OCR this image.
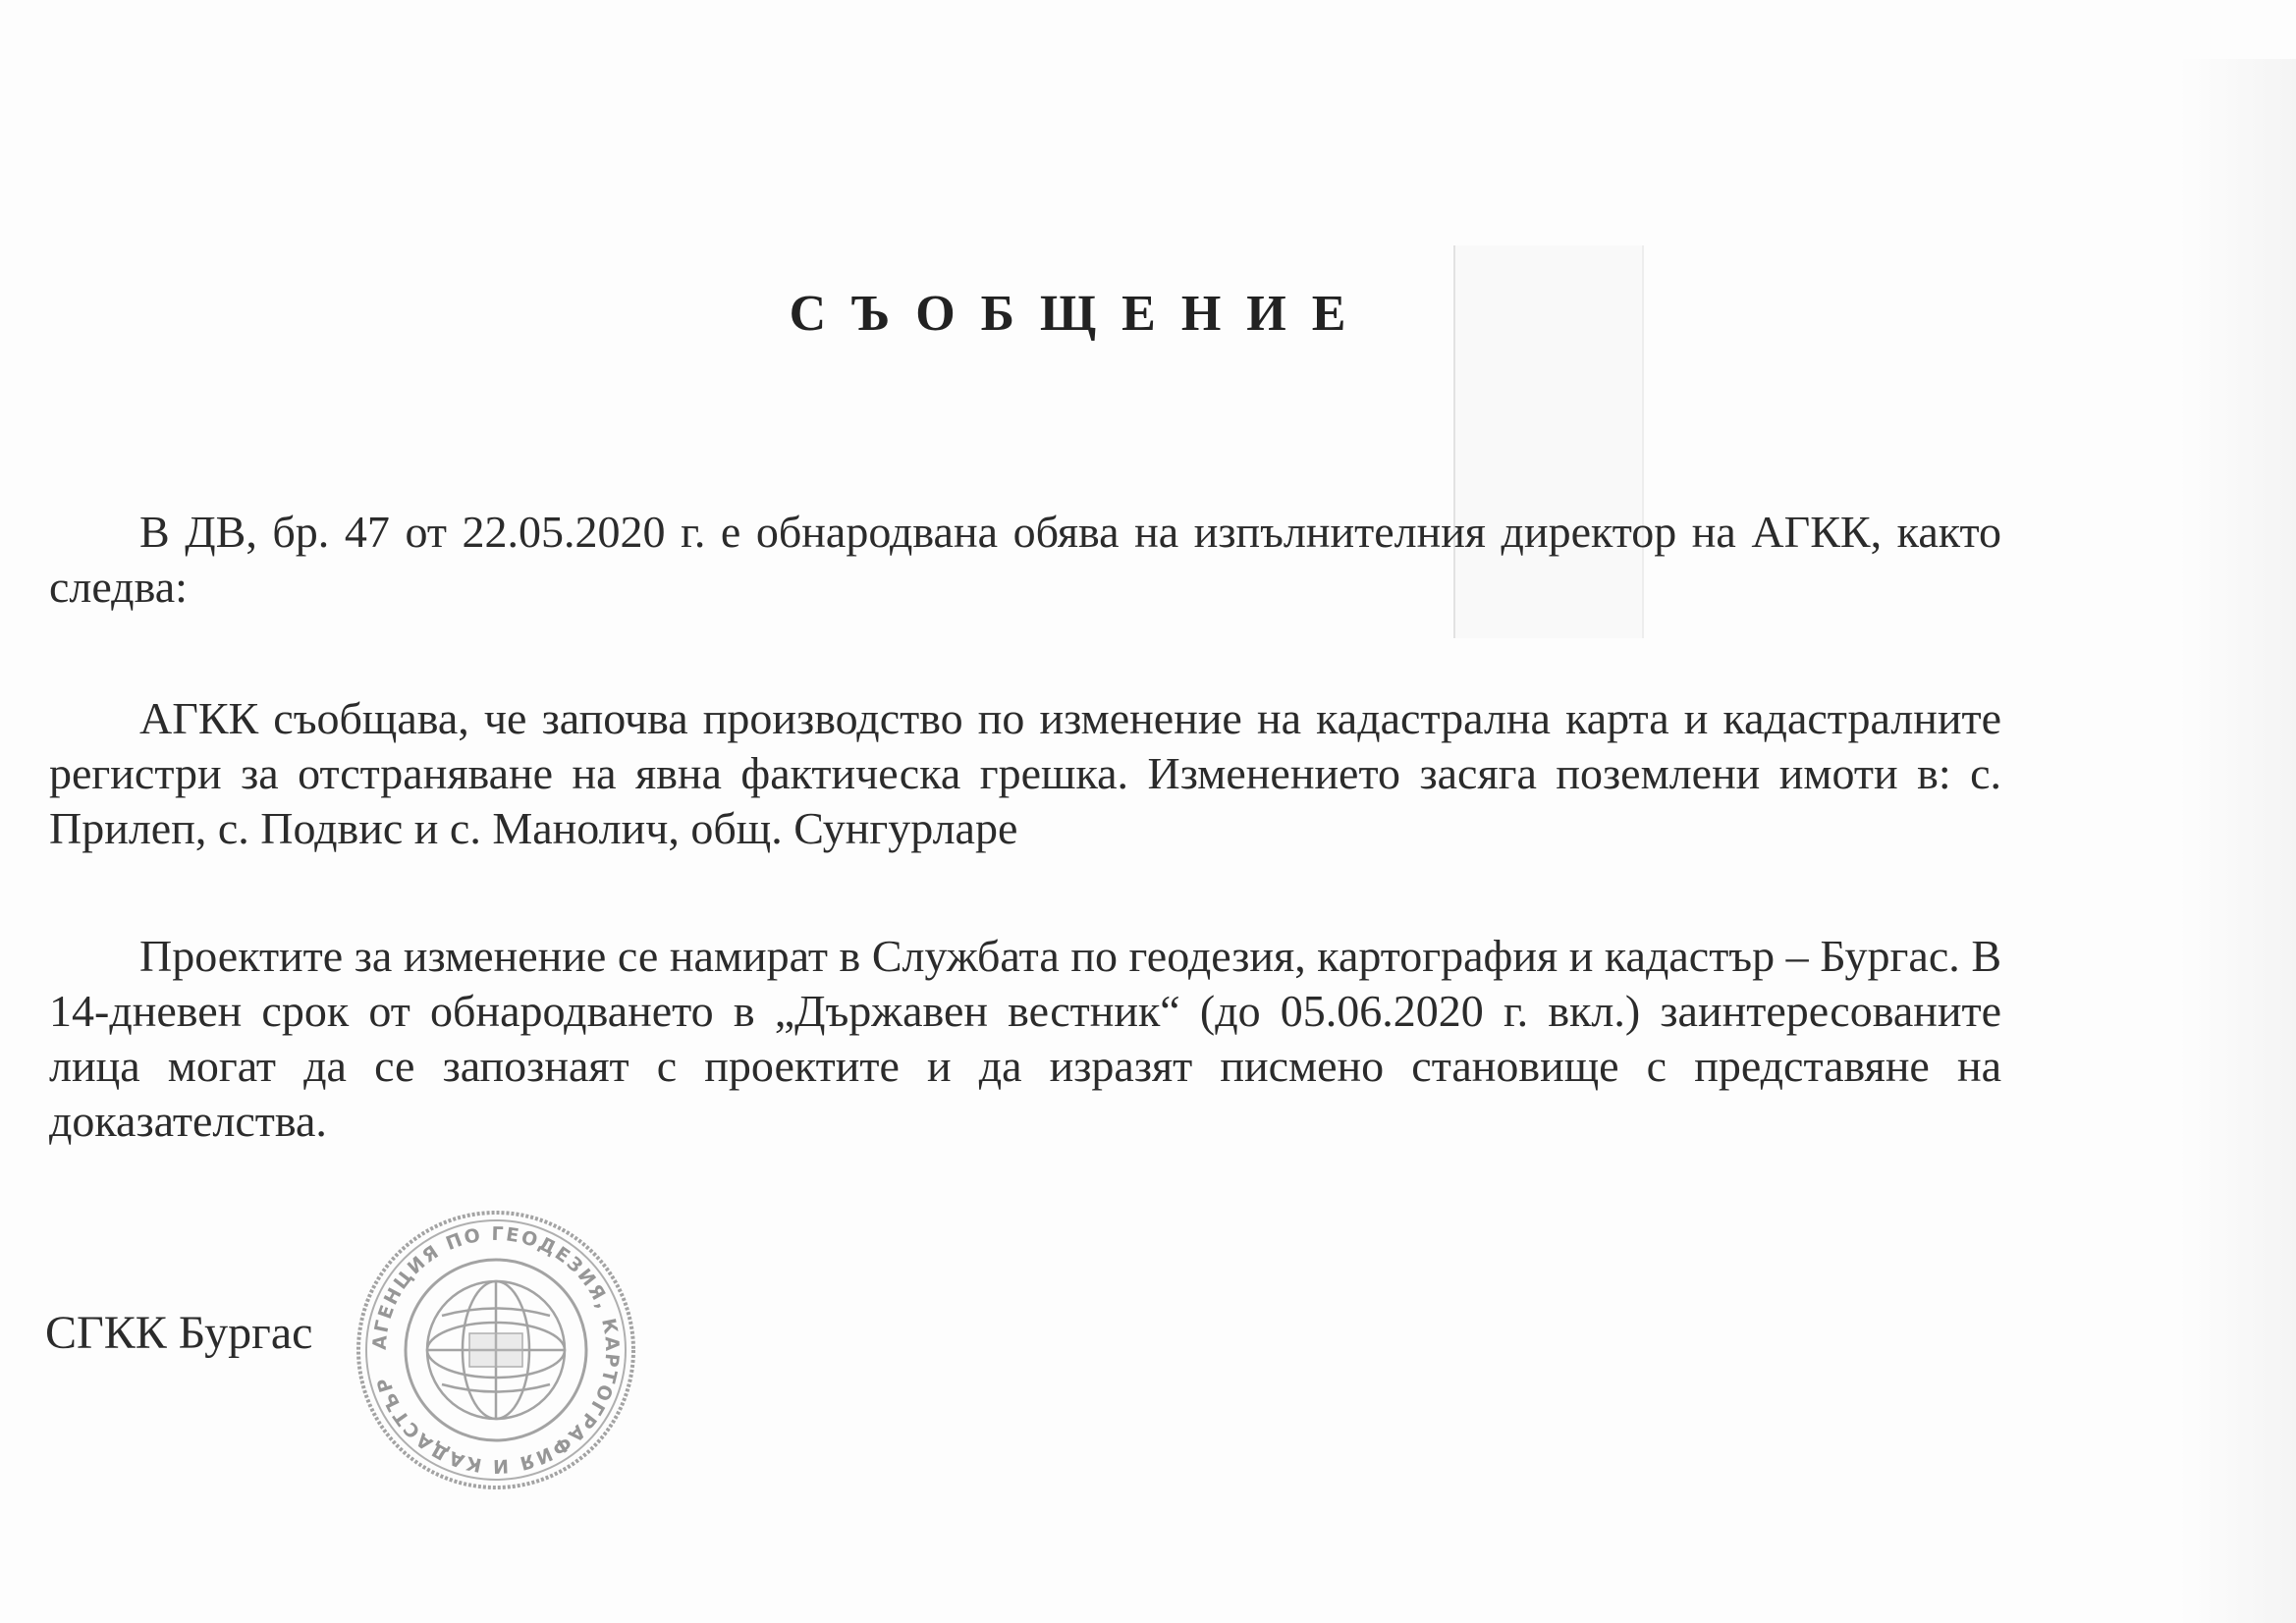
СЪОБЩЕНИЕ

В ДВ, бр. 47 от 22.05.2020 г. е обнародвана обява на изпълнителния директор на АГКК, както следва:

АГКК съобщава, че започва производство по изменение на кадастрална карта и кадастралните регистри за отстраняване на явна фактическа грешка. Изменението засяга поземлени имоти в: с. Прилеп, с. Подвис и с. Манолич, общ. Сунгурларе

Проектите за изменение се намират в Службата по геодезия, картография и кадастър – Бургас. В 14-дневен срок от обнародването в „Държавен вестник“ (до 05.06.2020 г. вкл.) заинтересованите лица могат да се запознаят с проектите и да изразят писмено становище с представяне на доказателства.

СГКК Бургас	АГЕНЦИЯ ПО ГЕОДЕЗИЯ, КАРТОГРАФИЯ И КАДАСТЪР
